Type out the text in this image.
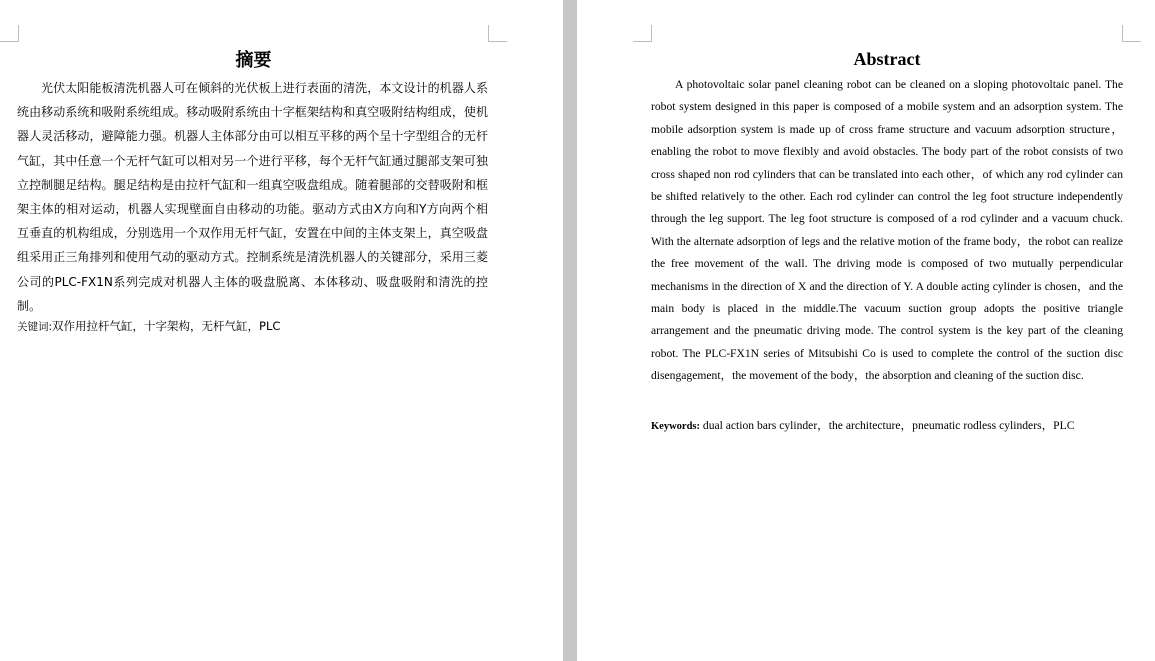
摘要

光伏太阳能板清洗机器人可在倾斜的光伏板上进行表面的清洗，本文设计的机器人系统由移动系统和吸附系统组成。移动吸附系统由十字框架结构和真空吸附结构组成，使机器人灵活移动，避障能力强。机器人主体部分由可以相互平移的两个呈十字型组合的无杆气缸，其中任意一个无杆气缸可以相对另一个进行平移，每个无杆气缸通过腿部支架可独立控制腿足结构。腿足结构是由拉杆气缸和一组真空吸盘组成。随着腿部的交替吸附和框架主体的相对运动，机器人实现壁面自由移动的功能。驱动方式由X方向和Y方向两个相互垂直的机构组成，分别选用一个双作用无杆气缸，安置在中间的主体支架上，真空吸盘组采用正三角排列和使用气动的驱动方式。控制系统是清洗机器人的关键部分，采用三菱公司的PLC-FX1N系列完成对机器人主体的吸盘脱离、本体移动、吸盘吸附和清洗的控制。

关键词:双作用拉杆气缸，十字架构，无杆气缸，PLC
Abstract

A photovoltaic solar panel cleaning robot can be cleaned on a sloping photovoltaic panel. The robot system designed in this paper is composed of a mobile system and an adsorption system. The mobile adsorption system is made up of cross frame structure and vacuum adsorption structure，enabling the robot to move flexibly and avoid obstacles. The body part of the robot consists of two cross shaped non rod cylinders that can be translated into each other，of which any rod cylinder can be shifted relatively to the other. Each rod cylinder can control the leg foot structure independently through the leg support. The leg foot structure is composed of a rod cylinder and a vacuum chuck. With the alternate adsorption of legs and the relative motion of the frame body，the robot can realize the free movement of the wall. The driving mode is composed of two mutually perpendicular mechanisms in the direction of X and the direction of Y. A double acting cylinder is chosen，and the main body is placed in the middle.The vacuum suction group adopts the positive triangle arrangement and the pneumatic driving mode. The control system is the key part of the cleaning robot. The PLC-FX1N series of Mitsubishi Co is used to complete the control of the suction disc disengagement，the movement of the body，the absorption and cleaning of the suction disc.

Keywords: dual action bars cylinder，the architecture，pneumatic rodless cylinders，PLC
